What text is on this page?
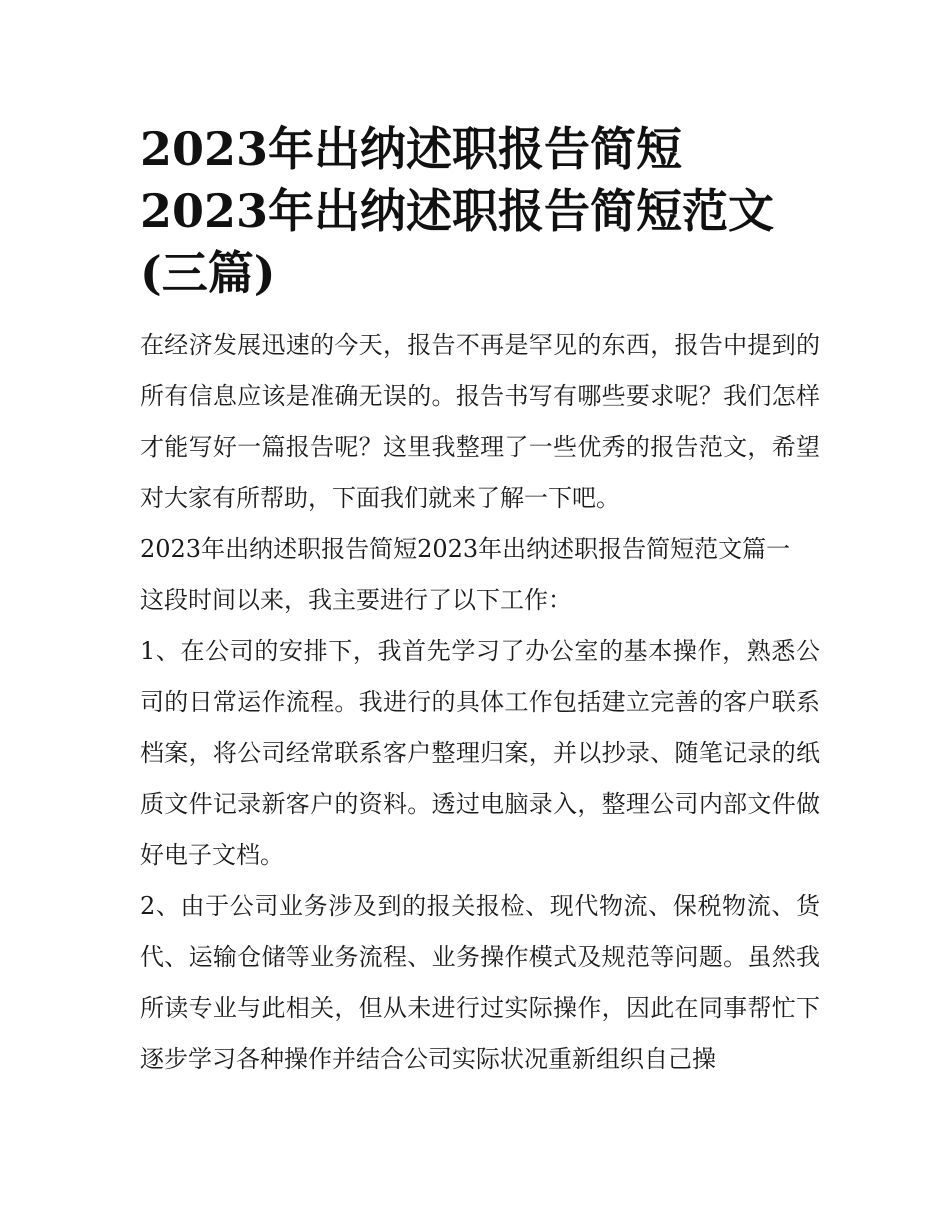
2023年出纳述职报告简短
2023年出纳述职报告简短范文
(三篇)

在经济发展迅速的今天，报告不再是罕见的东西，报告中提到的所有信息应该是准确无误的。报告书写有哪些要求呢？我们怎样才能写好一篇报告呢？这里我整理了一些优秀的报告范文，希望对大家有所帮助，下面我们就来了解一下吧。

2023年出纳述职报告简短2023年出纳述职报告简短范文篇一

这段时间以来，我主要进行了以下工作：

1、在公司的安排下，我首先学习了办公室的基本操作，熟悉公司的日常运作流程。我进行的具体工作包括建立完善的客户联系档案，将公司经常联系客户整理归案，并以抄录、随笔记录的纸质文件记录新客户的资料。透过电脑录入，整理公司内部文件做好电子文档。

2、由于公司业务涉及到的报关报检、现代物流、保税物流、货代、运输仓储等业务流程、业务操作模式及规范等问题。虽然我所读专业与此相关，但从未进行过实际操作，因此在同事帮忙下逐步学习各种操作并结合公司实际状况重新组织自己操
